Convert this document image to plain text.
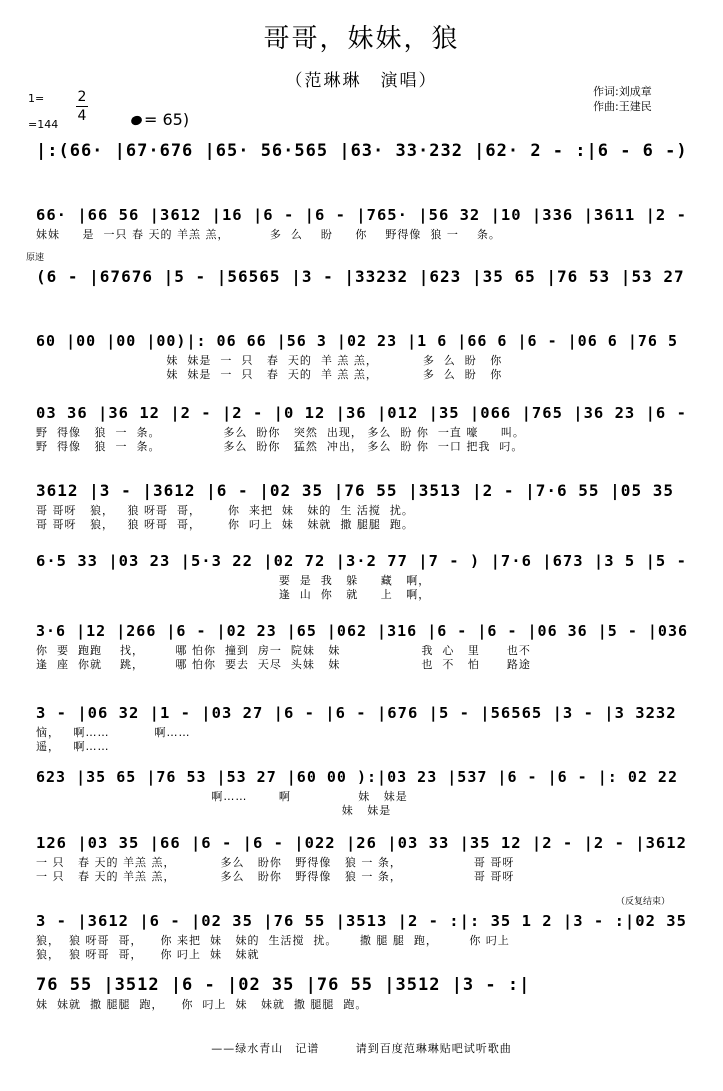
哥哥，妹妹，狼
（范琳琳　演唱）
作词:刘成章
作曲:王建民
1= 2
4
=144	= 65)
|:(66· |67·676 |65· 56·565 |63· 33·232 |62· 2 - :|6 - 6 -)
66· |66 56 |3612 |16 |6 - |6 - |765· |56 32 |10 |336 |3611 |2 -
妹妹     是  一只 春 天的 羊羔 羔，         多  么    盼     你    野得像  狼 一    条。
原速
(6 - |67676 |5 - |56565 |3 - |33232 |623 |35 65 |76 53 |53 27
60 |00 |00 |00)|: 06 66 |56 3 |02 23 |1 6 |66 6 |6 - |06 6 |76 5
妹  妹是  一  只   春  天的  羊 羔 羔，          多  么  盼   你
妹  妹是  一  只   春  天的  羊 羔 羔，          多  么  盼   你
03 36 |36 12 |2 - |2 - |0 12 |36 |012 |35 |066 |765 |36 23 |6 -
野  得像   狼  一  条。              多么  盼你   突然  出现， 多么  盼 你  一直 嚎     叫。
野  得像   狼  一  条。              多么  盼你   猛然  冲出， 多么  盼 你  一口 把我  叼。
3612 |3 - |3612 |6 - |02 35 |76 55 |3513 |2 - |7·6 55 |05 35
哥 哥呀   狼，   狼 呀哥  哥，      你  来把  妹   妹的  生 活搅  扰。
哥 哥呀   狼，   狼 呀哥  哥，      你  叼上  妹   妹就  撒 腿腿  跑。
6·5 33 |03 23 |5·3 22 |02 72 |3·2 77 |7 - ) |7·6 |673 |3 5 |5 -
要  是  我   躲     藏   啊，
逢  山  你   就     上   啊，
3·6 |12 |266 |6 - |02 23 |65 |062 |316 |6 - |6 - |06 36 |5 - |036
你  要  跑跑    找，       哪 怕你  撞到  房一  院妹   妹                  我  心   里      也不
逢  座  你就    跳，       哪 怕你  要去  天尽  头妹   妹                  也  不   怕      路途
3 - |06 32 |1 - |03 27 |6 - |6 - |676 |5 - |56565 |3 - |3 3232
恼，   啊……          啊……
遥，   啊……
623 |35 65 |76 53 |53 27 |60 00 ):|03 23 |537 |6 - |6 - |: 02 22
啊……       啊               妹   妹是
妹   妹是
126 |03 35 |66 |6 - |6 - |022 |26 |03 33 |35 12 |2 - |2 - |3612
一 只   春 天的 羊羔 羔，          多么   盼你   野得像   狼 一 条，                哥 哥呀
一 只   春 天的 羊羔 羔，          多么   盼你   野得像   狼 一 条，                哥 哥呀
（反复结束）
3 - |3612 |6 - |02 35 |76 55 |3513 |2 - :|: 35 1 2 |3 - :|02 35
狼，  狼 呀哥  哥，    你 来把  妹   妹的  生活搅  扰。     撒 腿 腿  跑，       你 叼上
狼，  狼 呀哥  哥，    你 叼上  妹   妹就
76 55 |3512 |6 - |02 35 |76 55 |3512 |3 - :|
妹  妹就  撒 腿腿  跑，    你  叼上  妹   妹就  撒 腿腿  跑。
——绿水青山　记谱	请到百度范琳琳贴吧试听歌曲
